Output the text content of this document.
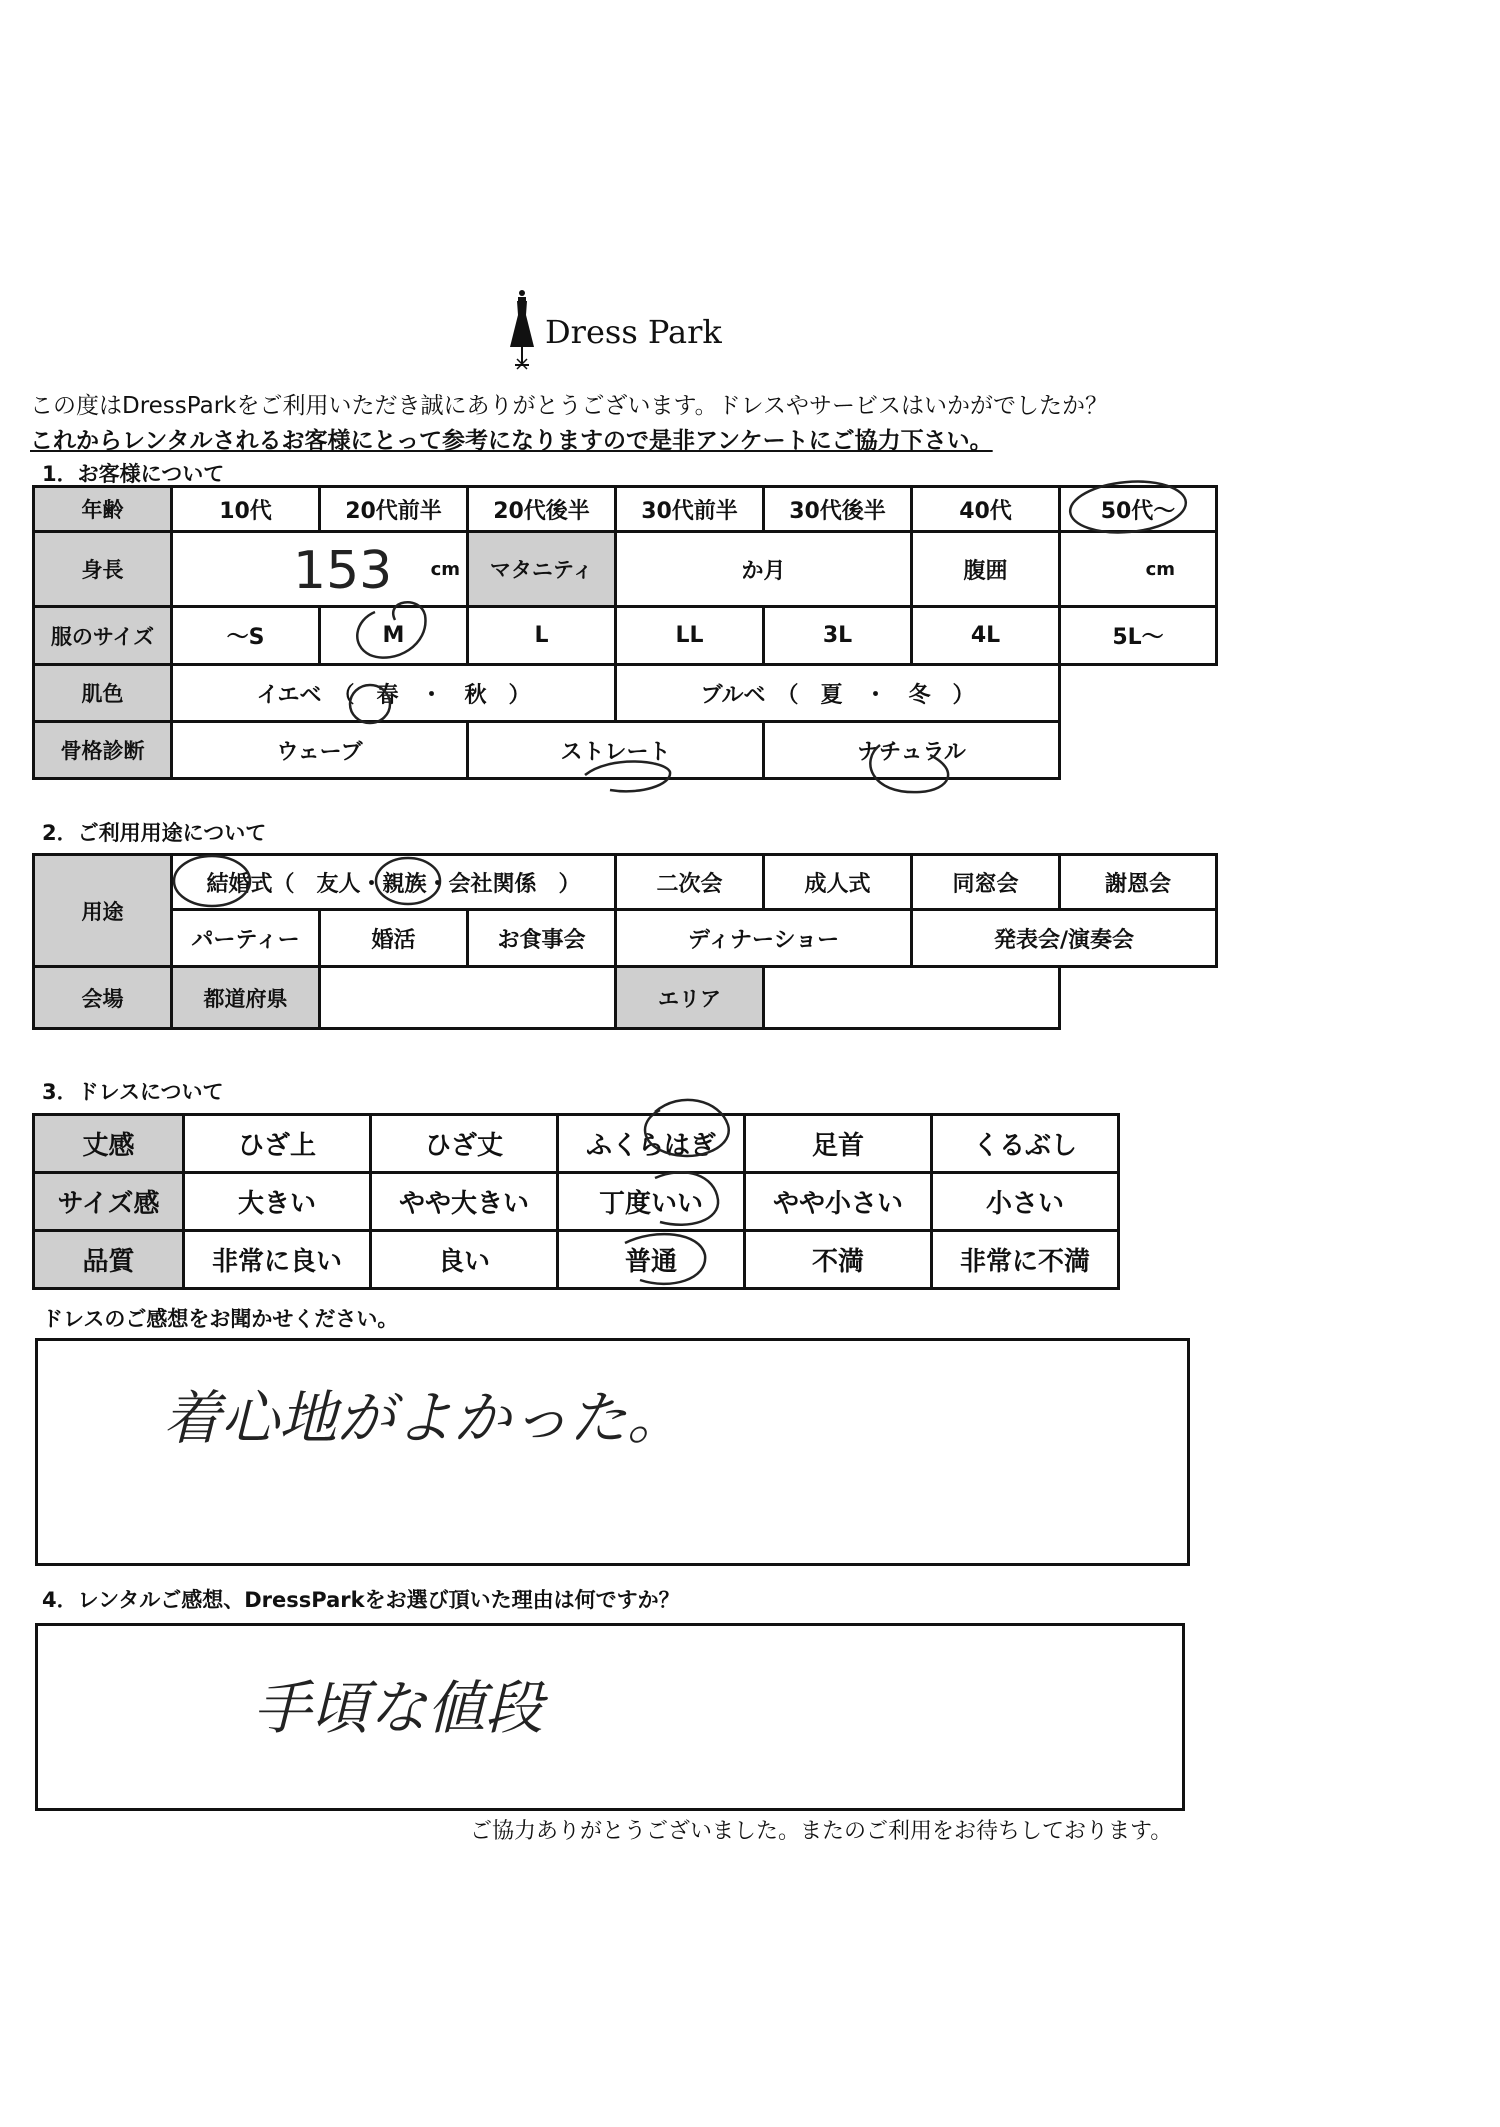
Dress Park
この度はDressParkをご利用いただき誠にありがとうございます。ドレスやサービスはいかがでしたか？
これからレンタルされるお客様にとって参考になりますので是非アンケートにご協力下さい。
1．お客様について
年齢	10代	20代前半	20代後半	30代前半	30代後半	40代	50代～
身長	153 cm		マタニティ	か月		腹囲	cm
服のサイズ	～S	M	L	LL	3L	4L	5L～
肌色	イエベ　（　春　・　秋　）			ブルベ　（　夏　・　冬　）			
骨格診断	ウェーブ		ストレート		ナチュラル		
2．ご利用用途について
用途	結婚式（　友人・親族・会社関係　）			二次会	成人式	同窓会	謝恩会
	パーティー	婚活	お食事会	ディナーショー		発表会/演奏会	
会場	都道府県			エリア			
3．ドレスについて
丈感	ひざ上	ひざ丈	ふくらはぎ	足首	くるぶし
サイズ感	大きい	やや大きい	丁度いい	やや小さい	小さい
品質	非常に良い	良い	普通	不満	非常に不満
ドレスのご感想をお聞かせください。
着心地がよかった。
4．レンタルご感想、DressParkをお選び頂いた理由は何ですか？
手頃な値段
ご協力ありがとうございました。またのご利用をお待ちしております。
